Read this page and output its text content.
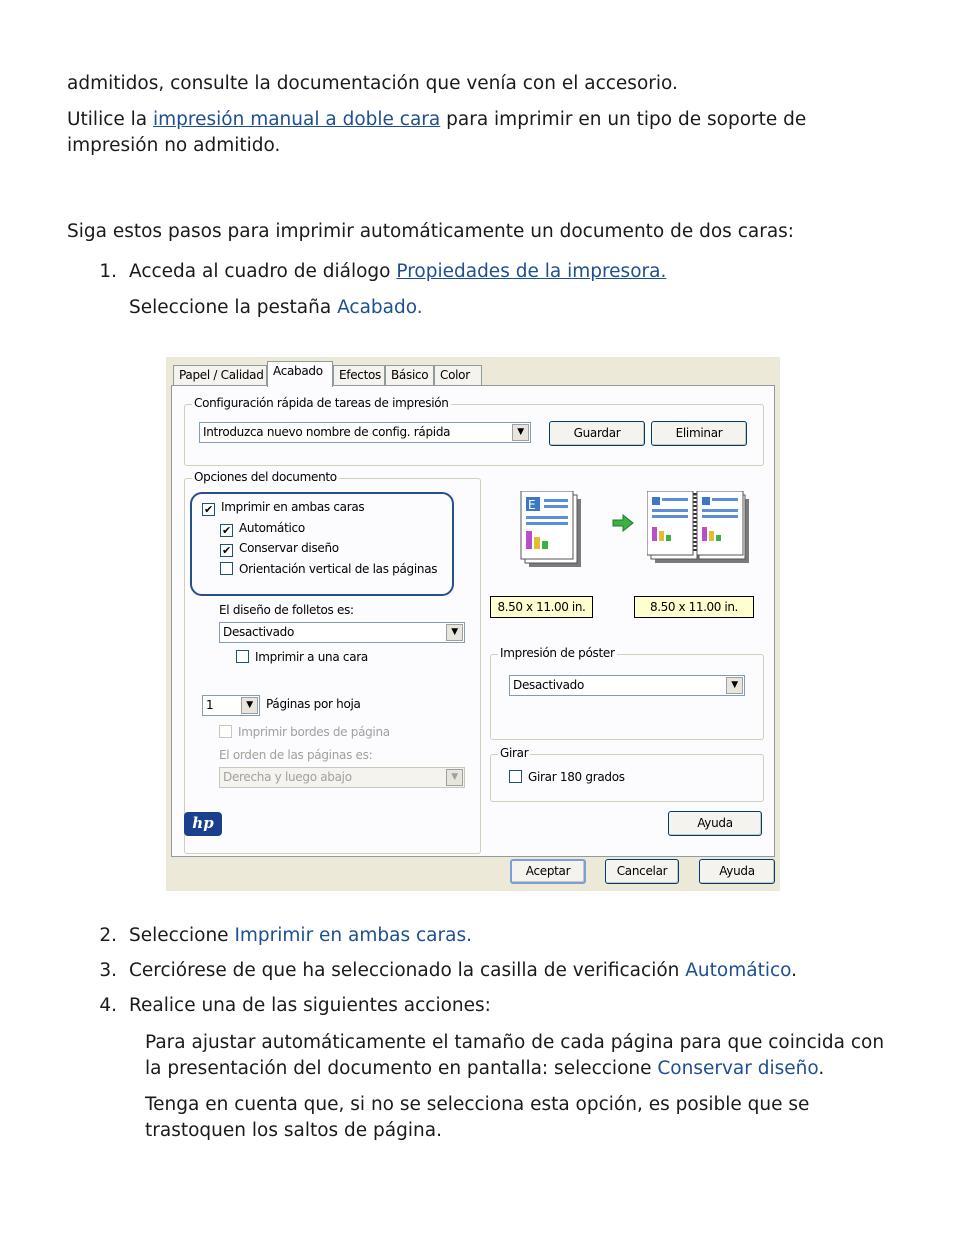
admitidos, consulte la documentación que venía con el accesorio.

Utilice la impresión manual a doble cara para imprimir en un tipo de soporte de impresión no admitido.

Siga estos pasos para imprimir automáticamente un documento de dos caras:

1. Acceda al cuadro de diálogo Propiedades de la impresora.

Seleccione la pestaña Acabado.

Papel / Calidad Acabado	Efectos Básico Color
Configuración rápida de tareas de impresión
Introduzca nuevo nombre de config. rápida	▼	Guardar	Eliminar
Opciones del documento
✔ Imprimir en ambas caras
✔ Automático
✔ Conservar diseño
Orientación vertical de las páginas
El diseño de folletos es:
Desactivado	▼
Imprimir a una cara
1	▼	Páginas por hoja
Imprimir bordes de página
El orden de las páginas es:
Derecha y luego abajo	▼
E
8.50 x 11.00 in.	8.50 x 11.00 in.
Impresión de póster
Desactivado	▼
Girar
Girar 180 grados
hp	Ayuda
Aceptar	Cancelar	Ayuda
2. Seleccione Imprimir en ambas caras.

3. Cerciórese de que ha seleccionado la casilla de verificación Automático.

4. Realice una de las siguientes acciones:

Para ajustar automáticamente el tamaño de cada página para que coincida con la presentación del documento en pantalla: seleccione Conservar diseño.

Tenga en cuenta que, si no se selecciona esta opción, es posible que se trastoquen los saltos de página.
